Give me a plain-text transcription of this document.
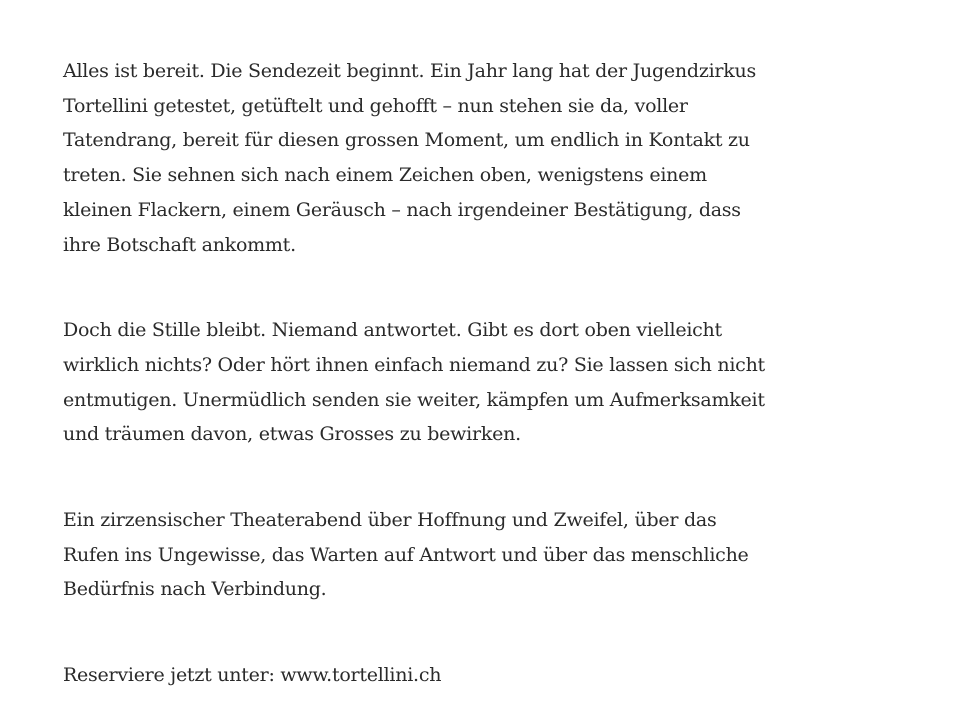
Alles ist bereit. Die Sendezeit beginnt. Ein Jahr lang hat der Jugendzirkus
Tortellini getestet, getüftelt und gehofft – nun stehen sie da, voller
Tatendrang, bereit für diesen grossen Moment, um endlich in Kontakt zu
treten. Sie sehnen sich nach einem Zeichen oben, wenigstens einem
kleinen Flackern, einem Geräusch – nach irgendeiner Bestätigung, dass
ihre Botschaft ankommt.

Doch die Stille bleibt. Niemand antwortet. Gibt es dort oben vielleicht
wirklich nichts? Oder hört ihnen einfach niemand zu? Sie lassen sich nicht
entmutigen. Unermüdlich senden sie weiter, kämpfen um Aufmerksamkeit
und träumen davon, etwas Grosses zu bewirken.

Ein zirzensischer Theaterabend über Hoffnung und Zweifel, über das
Rufen ins Ungewisse, das Warten auf Antwort und über das menschliche
Bedürfnis nach Verbindung.

Reserviere jetzt unter: www.tortellini.ch
